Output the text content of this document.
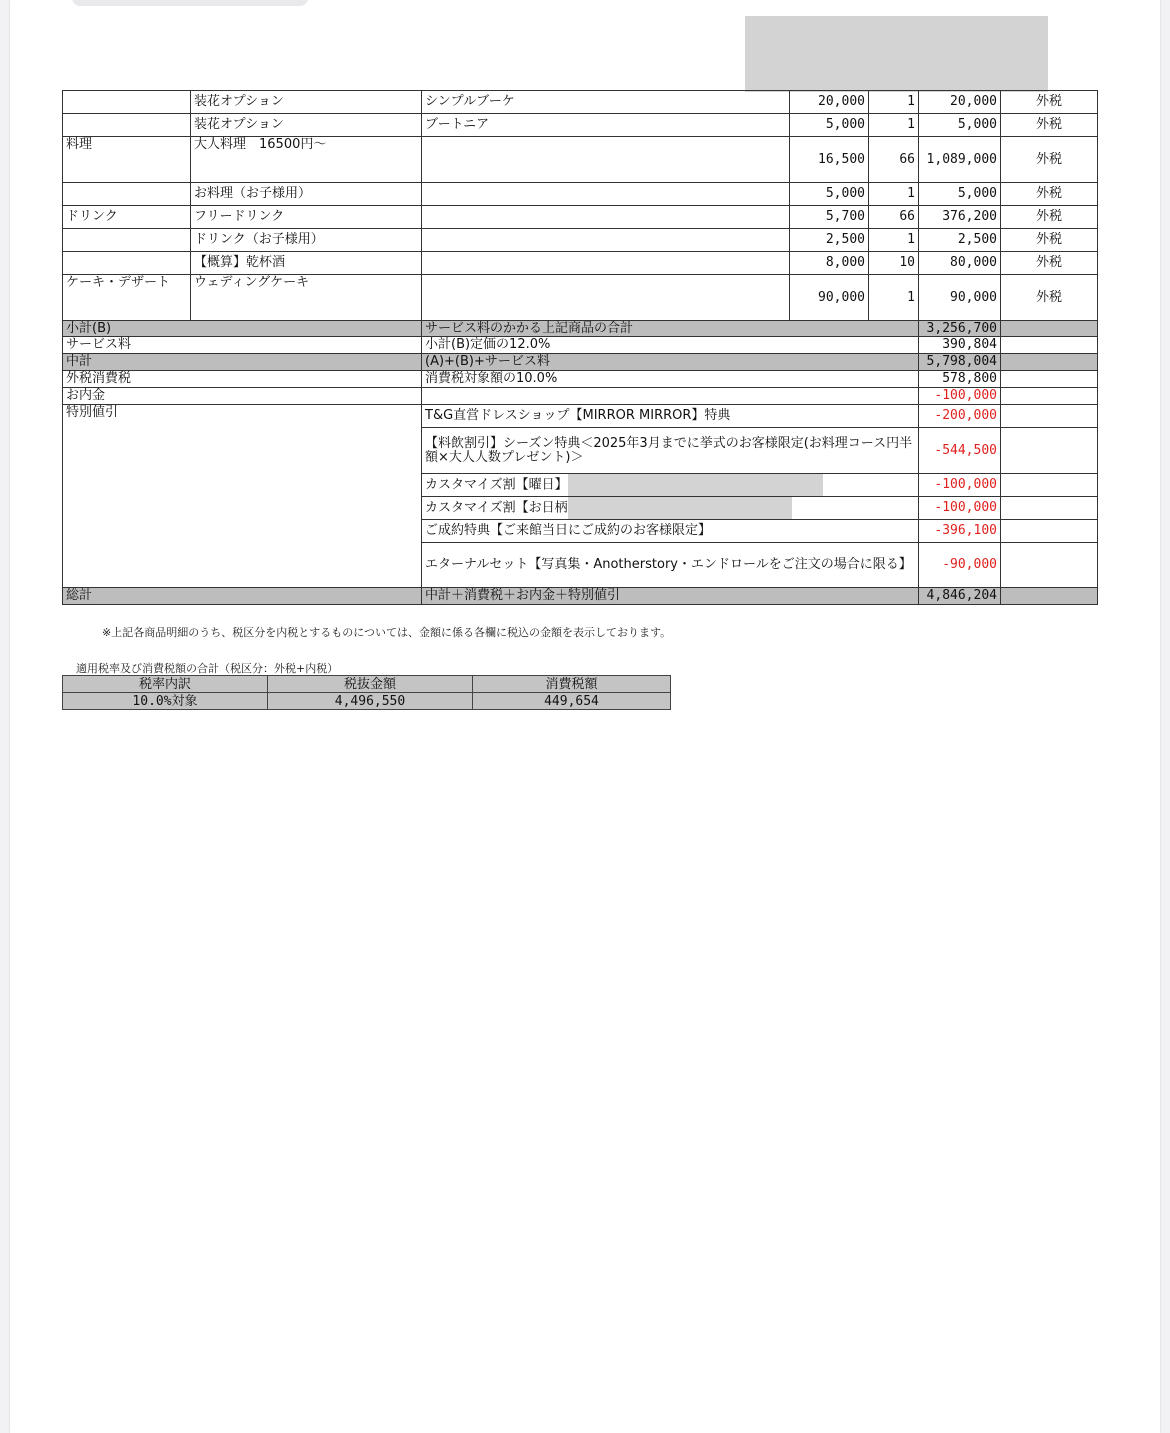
	装花オプション	シンプルブーケ	20,000	1	20,000	外税
	装花オプション	ブートニア	5,000	1	5,000	外税
料理	大人料理　16500円～		16,500	66	1,089,000	外税
	お料理（お子様用）		5,000	1	5,000	外税
ドリンク	フリードリンク		5,700	66	376,200	外税
	ドリンク（お子様用）		2,500	1	2,500	外税
	【概算】乾杯酒		8,000	10	80,000	外税
ケーキ・デザート	ウェディングケーキ		90,000	1	90,000	外税
小計(B)	サービス料のかかる上記商品の合計	3,256,700	
サービス料	小計(B)定価の12.0%	390,804	
中計	(A)+(B)+サービス料	5,798,004	
外税消費税	消費税対象額の10.0%	578,800	
お内金		-100,000	
特別値引	T&G直営ドレスショップ【MIRROR MIRROR】特典	-200,000	
	【料飲割引】シーズン特典＜2025年3月までに挙式のお客様限定(お料理コース円半額×大人人数プレゼント)＞	-544,500	
	カスタマイズ割【曜日】	-100,000	
	カスタマイズ割【お日柄	-100,000	
	ご成約特典【ご来館当日にご成約のお客様限定】	-396,100	
	エターナルセット【写真集・Anotherstory・エンドロールをご注文の場合に限る】	-90,000	
総計	中計＋消費税＋お内金＋特別値引	4,846,204	
※上記各商品明細のうち、税区分を内税とするものについては、金額に係る各欄に税込の金額を表示しております。
適用税率及び消費税額の合計（税区分：外税+内税）
税率内訳	税抜金額	消費税額
10.0%対象	4,496,550	449,654
